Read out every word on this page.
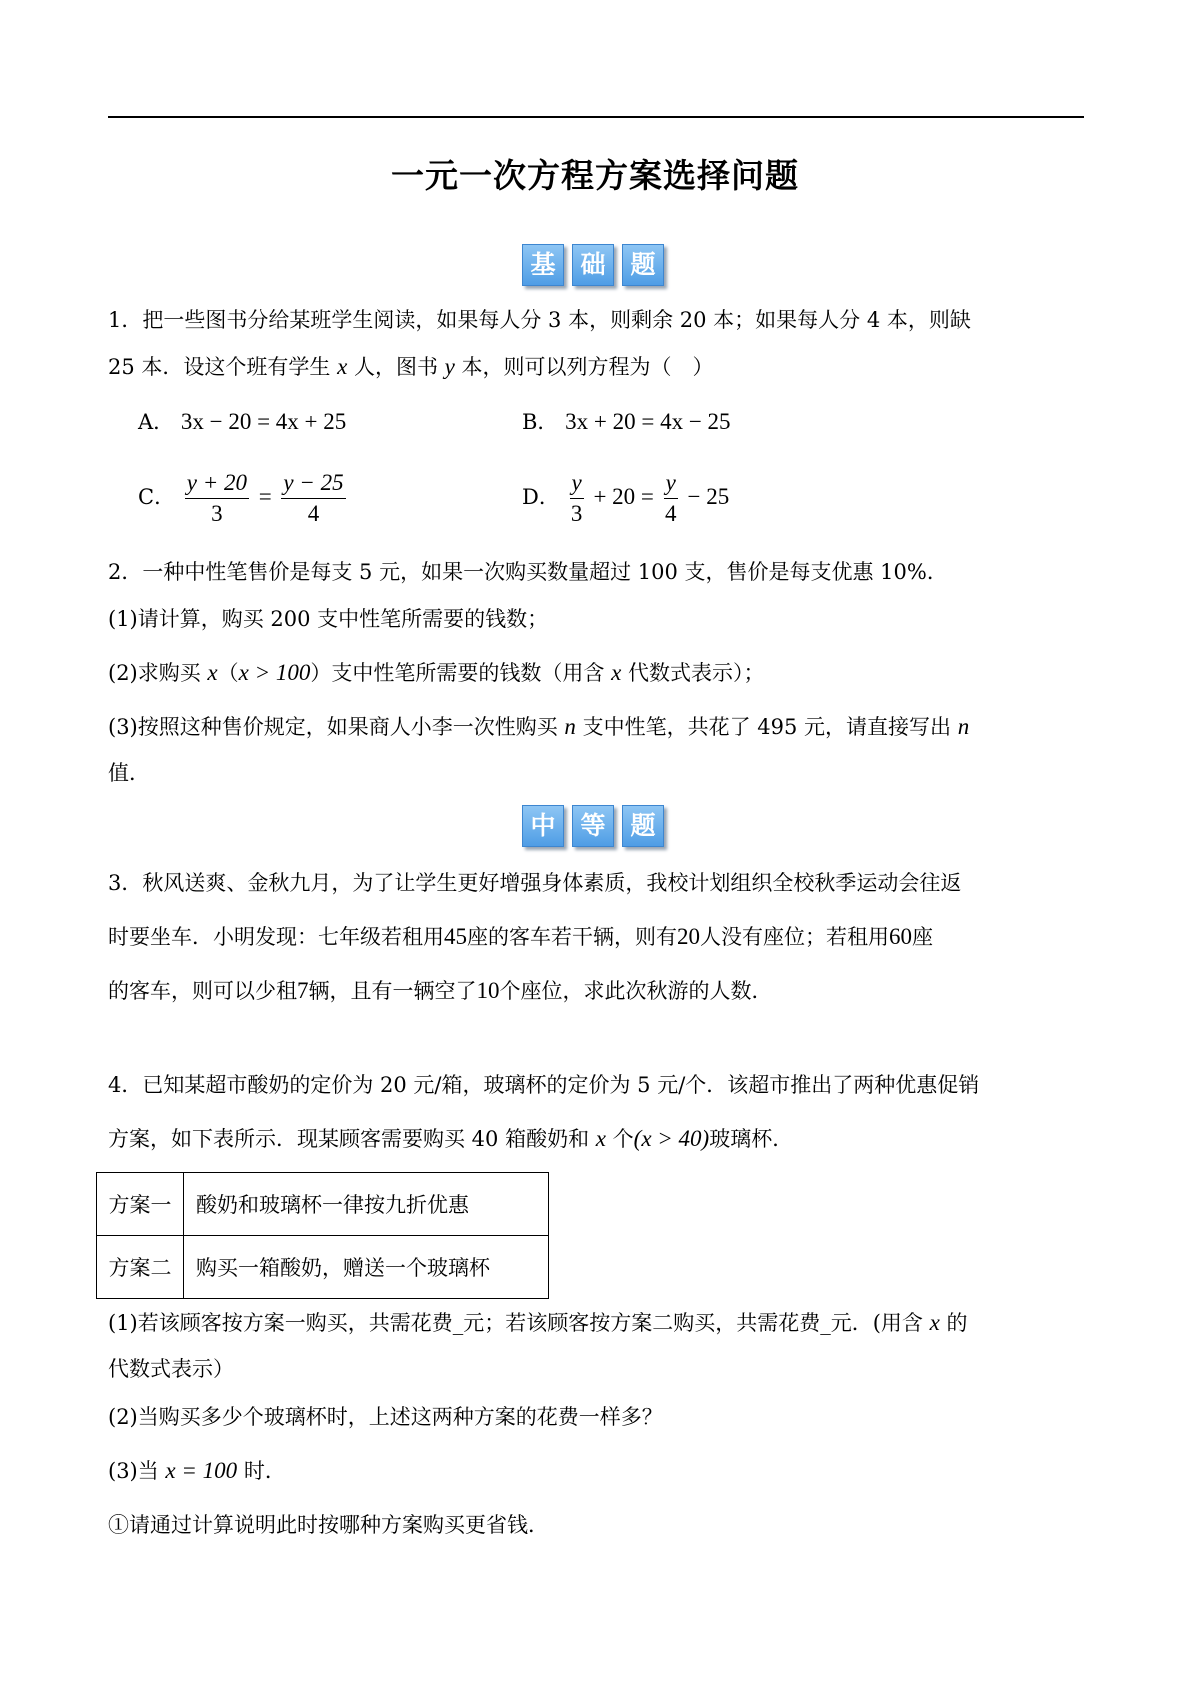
一元一次方程方案选择问题
基 础 题
1．把一些图书分给某班学生阅读，如果每人分 3 本，则剩余 20 本；如果每人分 4 本，则缺
25 本．设这个班有学生 x 人，图书 y 本，则可以列方程为（　）
A． 3x − 20 = 4x + 25	B． 3x + 20 = 4x − 25
C． $\frac{y + 20}{3} = \frac{y - 25}{4}$	D． $\frac{y}{3} + 20 = \frac{y}{4} - 25$
2．一种中性笔售价是每支 5 元，如果一次购买数量超过 100 支，售价是每支优惠 10%．
(1)请计算，购买 200 支中性笔所需要的钱数；
(2)求购买 x（x > 100）支中性笔所需要的钱数（用含 x 代数式表示）；
(3)按照这种售价规定，如果商人小李一次性购买 n 支中性笔，共花了 495 元，请直接写出 n
值．
中 等 题
3．秋风送爽、金秋九月，为了让学生更好增强身体素质，我校计划组织全校秋季运动会往返
时要坐车．小明发现：七年级若租用45座的客车若干辆，则有20人没有座位；若租用60座
的客车，则可以少租7辆，且有一辆空了10个座位，求此次秋游的人数．
4．已知某超市酸奶的定价为 20 元/箱，玻璃杯的定价为 5 元/个．该超市推出了两种优惠促销
方案，如下表所示．现某顾客需要购买 40 箱酸奶和 x 个(x > 40)玻璃杯．
方案一	酸奶和玻璃杯一律按九折优惠
方案二	购买一箱酸奶，赠送一个玻璃杯
(1)若该顾客按方案一购买，共需花费_元；若该顾客按方案二购买，共需花费_元．(用含 x 的
代数式表示）
(2)当购买多少个玻璃杯时，上述这两种方案的花费一样多？
(3)当 x = 100 时．
①请通过计算说明此时按哪种方案购买更省钱．
